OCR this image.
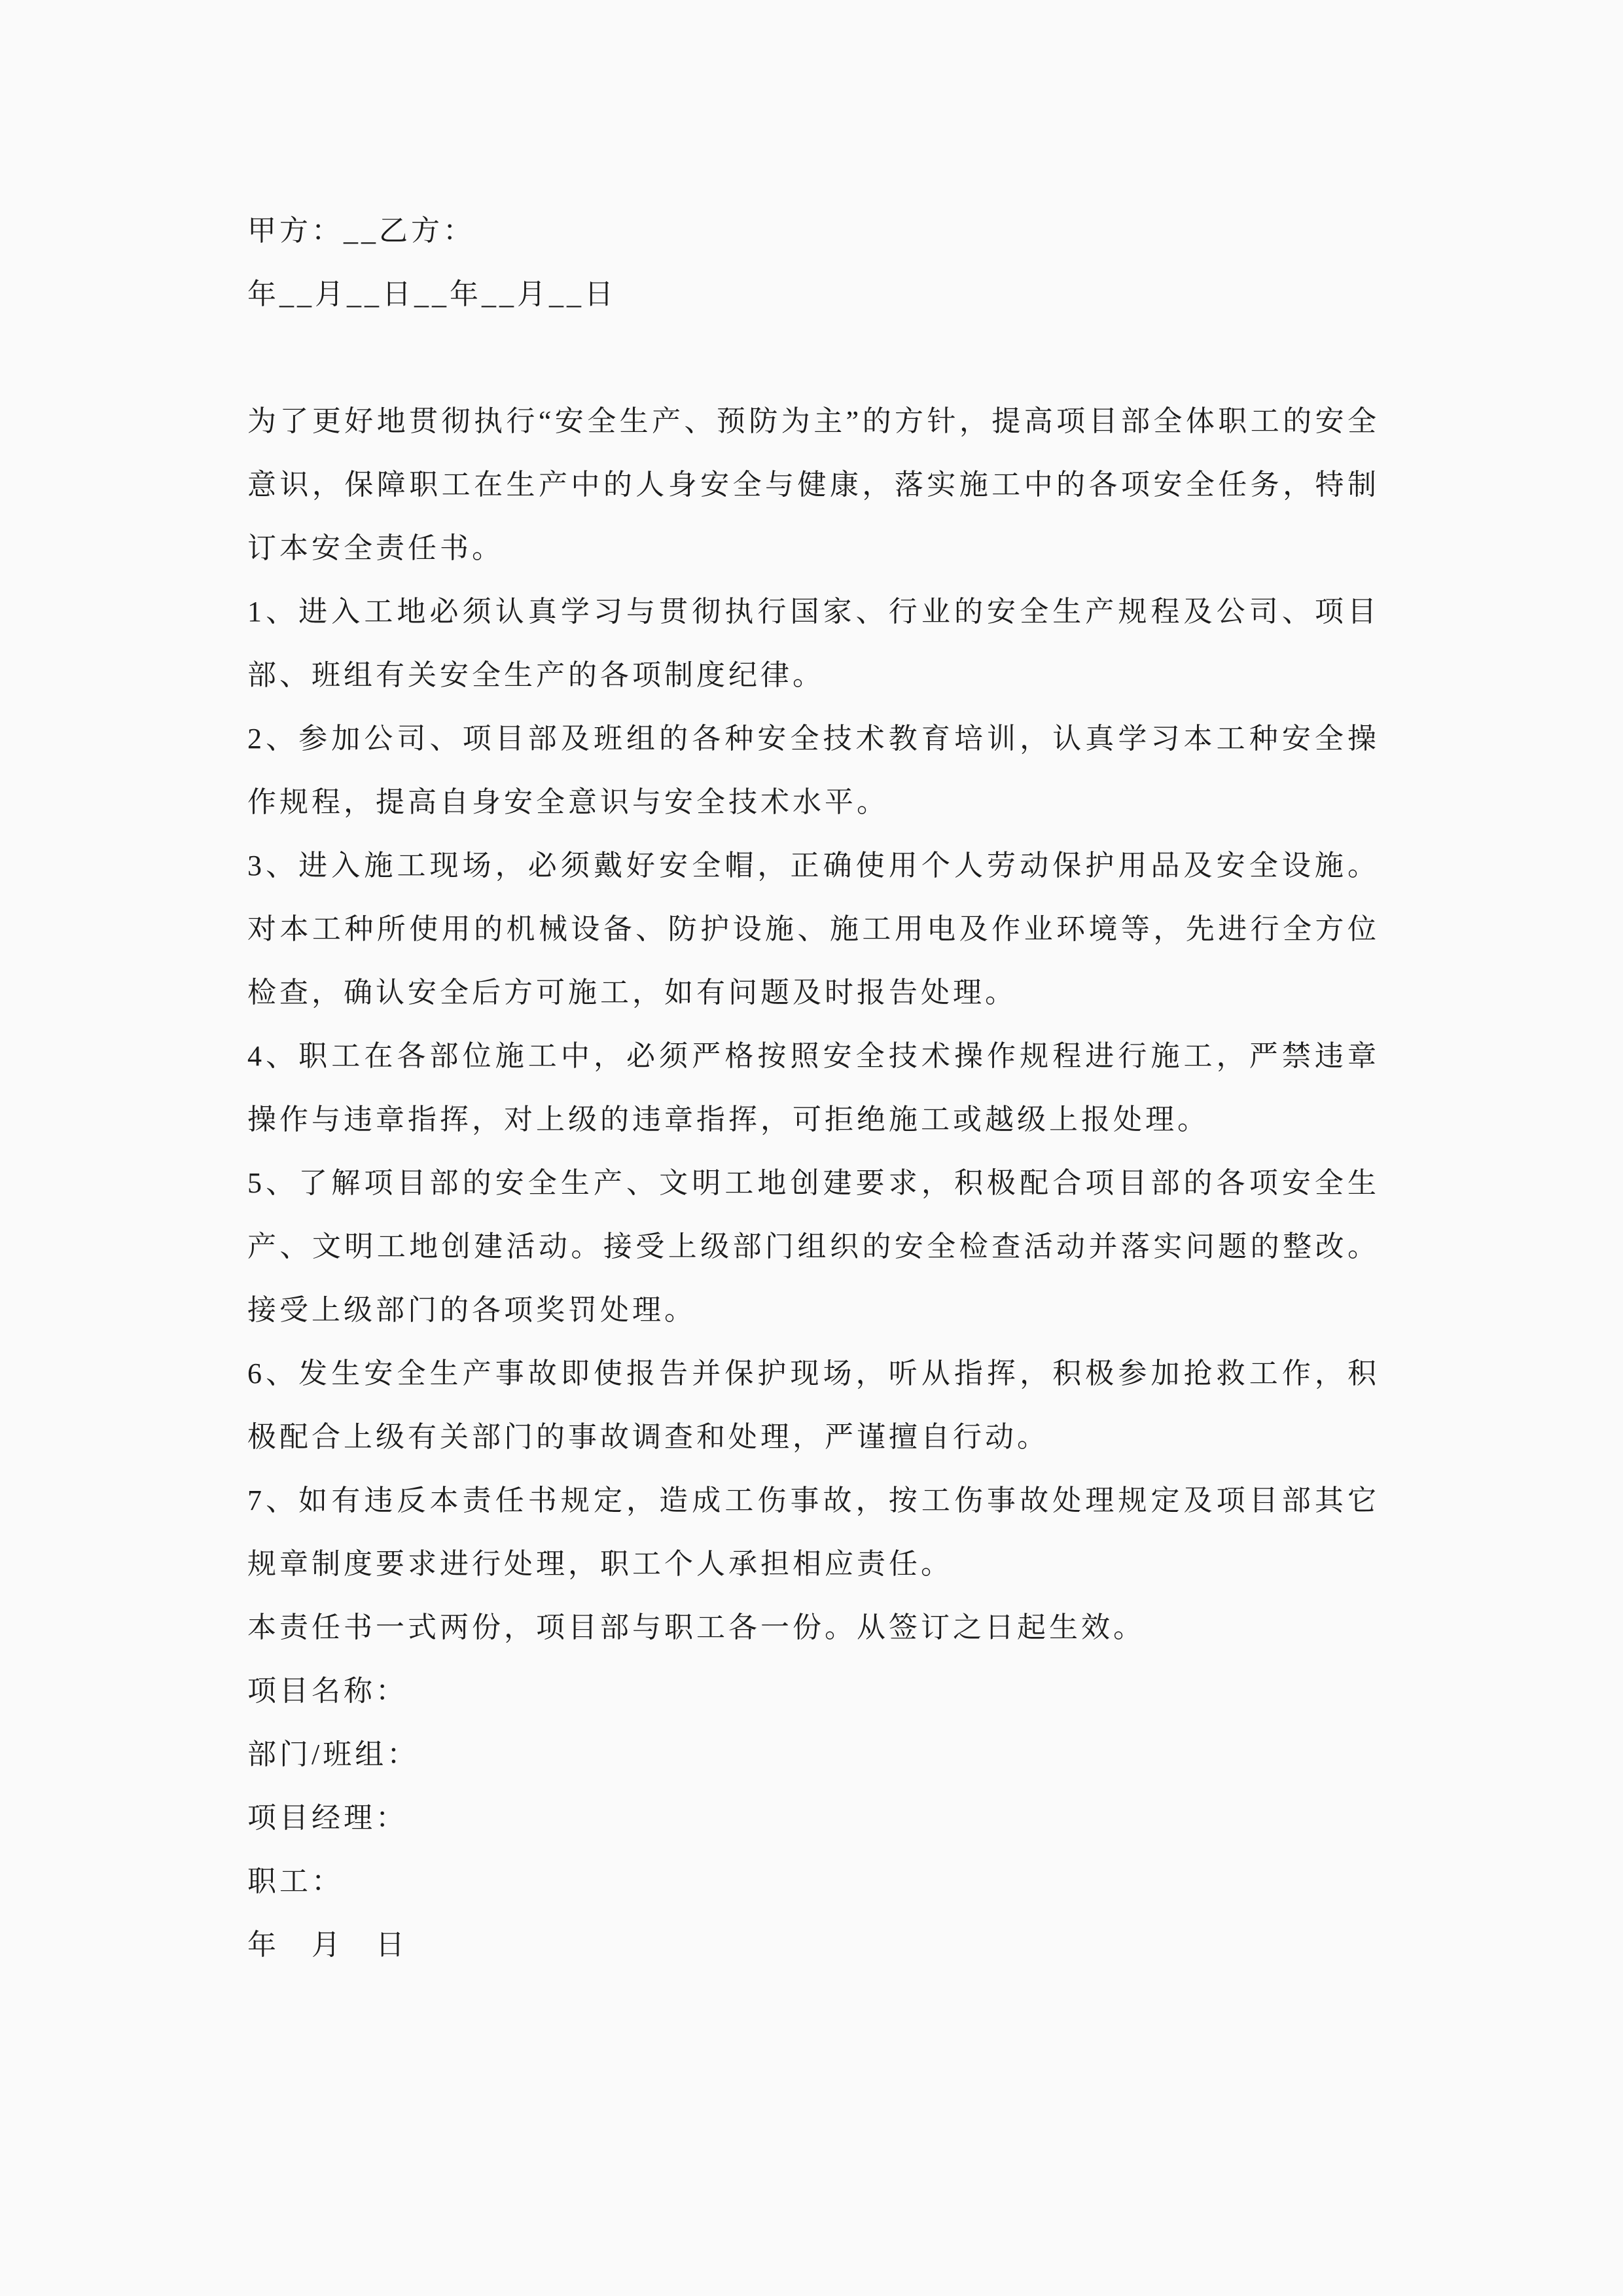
甲方：__乙方：

年__月__日__年__月__日

为了更好地贯彻执行“安全生产、预防为主”的方针，提高项目部全体职工的安全意识，保障职工在生产中的人身安全与健康，落实施工中的各项安全任务，特制订本安全责任书。

1、进入工地必须认真学习与贯彻执行国家、行业的安全生产规程及公司、项目部、班组有关安全生产的各项制度纪律。

2、参加公司、项目部及班组的各种安全技术教育培训，认真学习本工种安全操作规程，提高自身安全意识与安全技术水平。

3、进入施工现场，必须戴好安全帽，正确使用个人劳动保护用品及安全设施。对本工种所使用的机械设备、防护设施、施工用电及作业环境等，先进行全方位检查，确认安全后方可施工，如有问题及时报告处理。

4、职工在各部位施工中，必须严格按照安全技术操作规程进行施工，严禁违章操作与违章指挥，对上级的违章指挥，可拒绝施工或越级上报处理。

5、了解项目部的安全生产、文明工地创建要求，积极配合项目部的各项安全生产、文明工地创建活动。接受上级部门组织的安全检查活动并落实问题的整改。接受上级部门的各项奖罚处理。

6、发生安全生产事故即使报告并保护现场，听从指挥，积极参加抢救工作，积极配合上级有关部门的事故调查和处理，严谨擅自行动。

7、如有违反本责任书规定，造成工伤事故，按工伤事故处理规定及项目部其它规章制度要求进行处理，职工个人承担相应责任。

本责任书一式两份，项目部与职工各一份。从签订之日起生效。

项目名称：

部门/班组：

项目经理：

职工：

年　月　日
